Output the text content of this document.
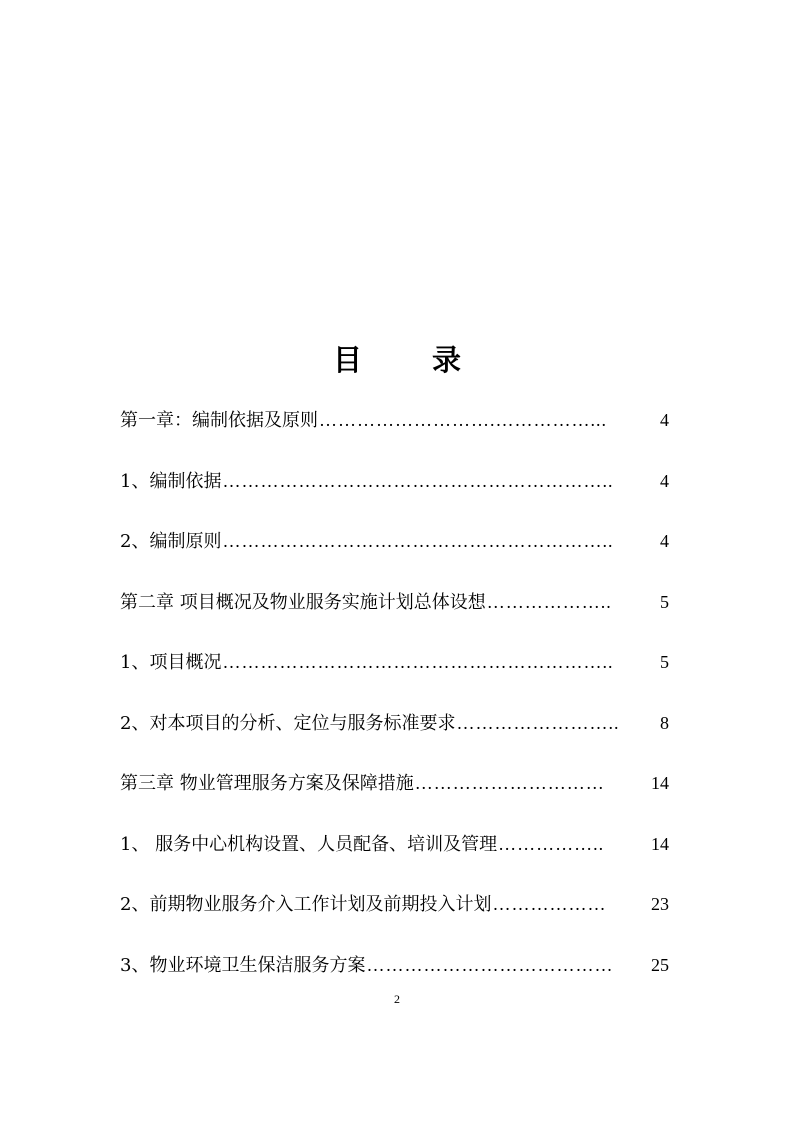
目 录
第一章：编制依据及原则 ……………………….……………...	4
1、编制依据 ……………………………………………………..	4
2、编制原则 ……………………………………………………..	4
第二章 项目概况及物业服务实施计划总体设想 ………………..	5
1、项目概况 ……………………………………………………..	5
2、对本项目的分析、定位与服务标准要求 ……………………..	8
第三章 物业管理服务方案及保障措施 …………………………	14
1、 服务中心机构设置、人员配备、培训及管理 ……………..	14
2、前期物业服务介入工作计划及前期投入计划 ………………	23
3、物业环境卫生保洁服务方案 …………………………………	25
2
